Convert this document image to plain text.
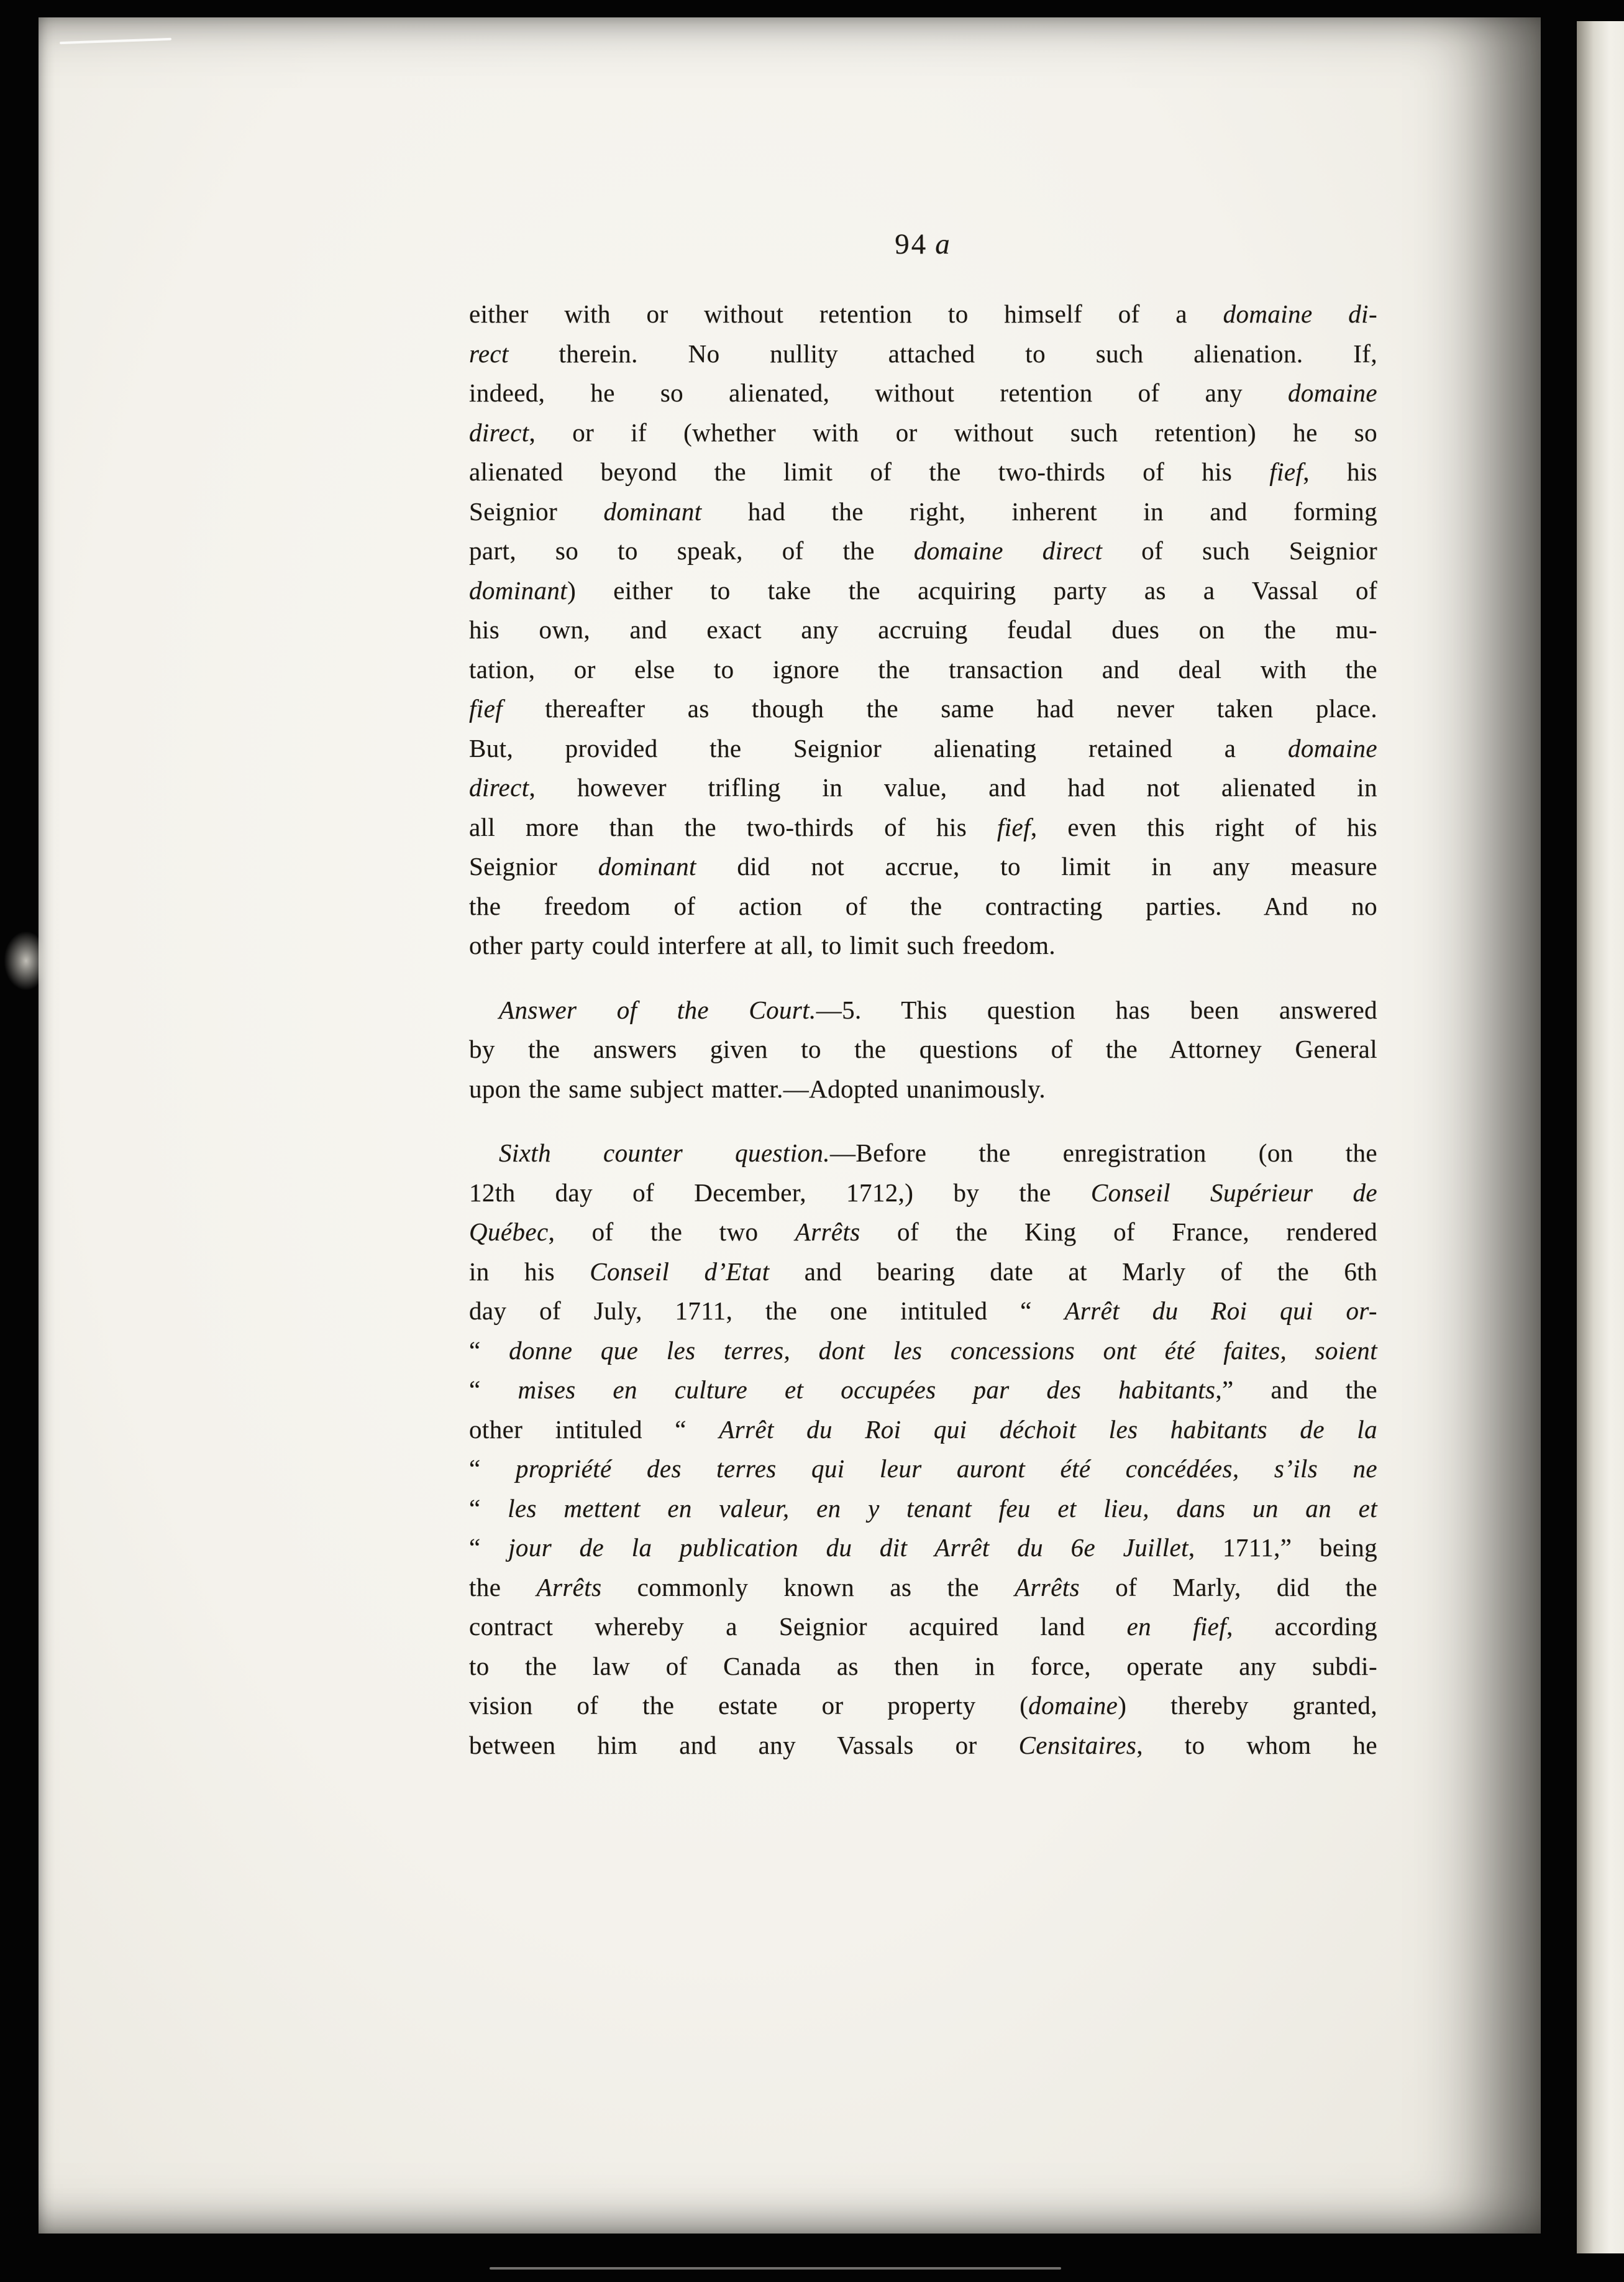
94 a
either with or without retention to himself of a domaine di-
rect therein. No nullity attached to such alienation. If,
indeed, he so alienated, without retention of any domaine
direct, or if (whether with or without such retention) he so
alienated beyond the limit of the two-thirds of his fief, his
Seignior dominant had the right, inherent in and forming
part, so to speak, of the domaine direct of such Seignior
dominant) either to take the acquiring party as a Vassal of
his own, and exact any accruing feudal dues on the mu-
tation, or else to ignore the transaction and deal with the
fief thereafter as though the same had never taken place.
But, provided the Seignior alienating retained a domaine
direct, however trifling in value, and had not alienated in
all more than the two-thirds of his fief, even this right of his
Seignior dominant did not accrue, to limit in any measure
the freedom of action of the contracting parties. And no
other party could interfere at all, to limit such freedom.
Answer of the Court.—5. This question has been answered
by the answers given to the questions of the Attorney General
upon the same subject matter.—Adopted unanimously.
Sixth counter question.—Before the enregistration (on the
12th day of December, 1712,) by the Conseil Supérieur de
Québec, of the two Arrêts of the King of France, rendered
in his Conseil d’Etat and bearing date at Marly of the 6th
day of July, 1711, the one intituled “ Arrêt du Roi qui or-
“ donne que les terres, dont les concessions ont été faites, soient
“ mises en culture et occupées par des habitants,” and the
other intituled “ Arrêt du Roi qui déchoit les habitants de la
“ propriété des terres qui leur auront été concédées, s’ils ne
“ les mettent en valeur, en y tenant feu et lieu, dans un an et
“ jour de la publication du dit Arrêt du 6e Juillet, 1711,” being
the Arrêts commonly known as the Arrêts of Marly, did the
contract whereby a Seignior acquired land en fief, according
to the law of Canada as then in force, operate any subdi-
vision of the estate or property (domaine) thereby granted,
between him and any Vassals or Censitaires, to whom he
